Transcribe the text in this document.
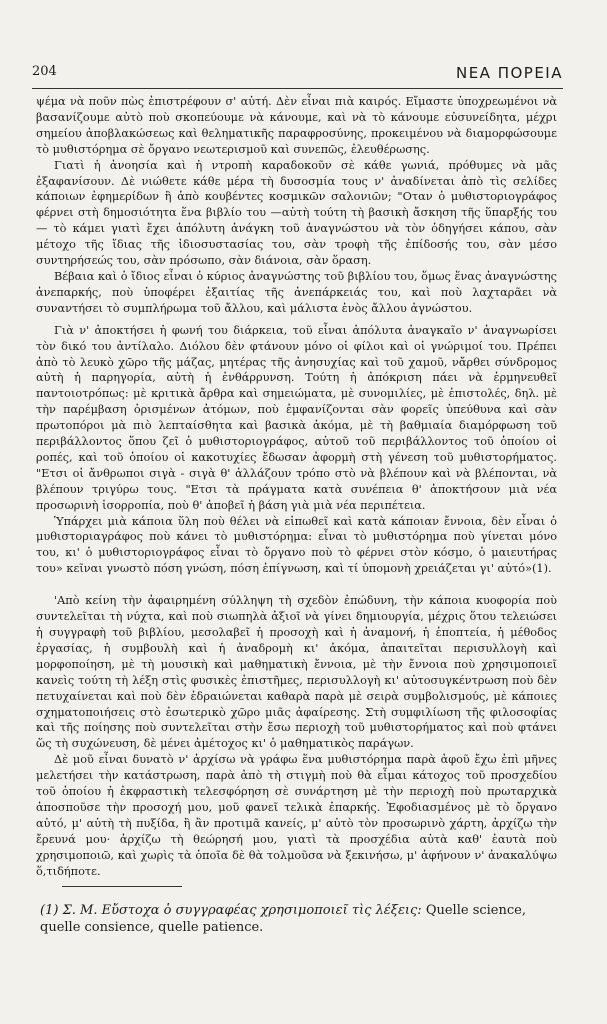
204	ΝΕΑ ΠΟΡΕΙΑ

ψέμα νὰ ποῦν πὼς ἐπιστρέφουν σ' αὐτή. Δὲν εἶναι πιὰ καιρός. Εἴμαστε ὑποχρεωμένοι νὰ βασανίζουμε αὐτὸ ποὺ σκοπεύουμε νὰ κάνουμε, καὶ νὰ τὸ κάνουμε εὐσυνείδητα, μέχρι σημείου ἀποβλακώσεως καὶ θεληματικῆς παραφροσύνης, προκειμένου νὰ διαμορφώσουμε τὸ μυθιστόρημα σὲ ὄργανο νεωτερισμοῦ καὶ συνεπῶς, ἐλευθέρωσης.

Γιατὶ ἡ ἀνοησία καὶ ἡ ντροπὴ καραδοκοῦν σὲ κάθε γωνιά, πρόθυμες νὰ μᾶς ἐξαφανίσουν. Δὲ νιώθετε κάθε μέρα τὴ δυσοσμία τους ν' ἀναδίνεται ἀπὸ τὶς σελίδες κάποιων ἐφημερίδων ἢ ἀπὸ κουβέντες κοσμικῶν σαλονιῶν; "Οταν ὁ μυθιστοριογράφος φέρνει στὴ δημοσιότητα ἕνα βιβλίο του —αὐτὴ τούτη τὴ βασικὴ ἄσκηση τῆς ὕπαρξής του— τὸ κάμει γιατὶ ἔχει ἀπόλυτη ἀνάγκη τοῦ ἀναγνώστου νὰ τὸν ὁδηγήσει κάπου, σὰν μέτοχο τῆς ἴδιας τῆς ἰδιοσυστασίας του, σὰν τροφὴ τῆς ἐπίδοσής του, σὰν μέσο συντηρήσεώς του, σὰν πρόσωπο, σὰν διάνοια, σὰν ὅραση.

Βέβαια καὶ ὁ ἴδιος εἶναι ὁ κύριος ἀναγνώστης τοῦ βιβλίου του, ὅμως ἕνας ἀναγνώστης ἀνεπαρκής, ποὺ ὑποφέρει ἐξαιτίας τῆς ἀνεπάρκειάς του, καὶ ποὺ λαχταρᾶει νὰ συναντήσει τὸ συμπλήρωμα τοῦ ἄλλου, καὶ μάλιστα ἑνὸς ἄλλου ἀγνώστου.

Γιὰ ν' ἀποκτήσει ἡ φωνή του διάρκεια, τοῦ εἶναι ἀπόλυτα ἀναγκαῖο ν' ἀναγνωρίσει τὸν δικό του ἀντίλαλο. Διόλου δὲν φτάνουν μόνο οἱ φίλοι καὶ οἱ γνώριμοί του. Πρέπει ἀπὸ τὸ λευκὸ χῶρο τῆς μάζας, μητέρας τῆς ἀνησυχίας καὶ τοῦ χαμοῦ, νἄρθει σύνδρομος αὐτὴ ἡ παρηγορία, αὐτὴ ἡ ἐνθάρρυνση. Τούτη ἡ ἀπόκριση πάει νὰ ἑρμηνευθεῖ παντοιοτρόπως: μὲ κριτικὰ ἄρθρα καὶ σημειώματα, μὲ συνομιλίες, μὲ ἐπιστολές, δηλ. μὲ τὴν παρέμβαση ὁρισμένων ἀτόμων, ποὺ ἐμφανίζονται σὰν φορεῖς ὑπεύθυνα καὶ σὰν πρωτοπόροι μὰ πιὸ λεπταίσθητα καὶ βασικὰ ἀκόμα, μὲ τὴ βαθμιαία διαμόρφωση τοῦ περιβάλλοντος ὅπου ζεῖ ὁ μυθιστοριογράφος, αὐτοῦ τοῦ περιβάλλοντος τοῦ ὁποίου οἱ ροπές, καὶ τοῦ ὁποίου οἱ κακοτυχίες ἔδωσαν ἀφορμὴ στὴ γένεση τοῦ μυθιστορήματος. "Ετσι οἱ ἄνθρωποι σιγὰ - σιγὰ θ' ἀλλάζουν τρόπο στὸ νὰ βλέπουν καὶ νὰ βλέπονται, νὰ βλέπουν τριγύρω τους. "Ετσι τὰ πράγματα κατὰ συνέπεια θ' ἀποκτήσουν μιὰ νέα προσωρινὴ ἰσορροπία, ποὺ θ' ἀποβεῖ ἡ βάση γιὰ μιὰ νέα περιπέτεια.

Ὑπάρχει μιὰ κάποια ὕλη ποὺ θέλει νὰ εἰπωθεῖ καὶ κατὰ κάποιαν ἔννοια, δὲν εἶναι ὁ μυθιστοριαγράφος ποὺ κάνει τὸ μυθιστόρημα: εἶναι τὸ μυθιστόρημα ποὺ γίνεται μόνο του, κι' ὁ μυθιστοριογράφος εἶναι τὸ ὄργανο ποὺ τὸ φέρνει στὸν κόσμο, ὁ μαιευτήρας του» κεῖναι γνωστὸ πόση γνώση, πόση ἐπίγνωση, καὶ τί ὑπομονὴ χρειάζεται γι' αὐτό»(1).

'Απὸ κείνη τὴν ἀφαιρημένη σύλληψη τὴ σχεδὸν ἐπώδυνη, τὴν κάποια κυοφορία ποὺ συντελεῖται τὴ νύχτα, καὶ ποὺ σιωπηλὰ ἀξιοῖ νὰ γίνει δημιουργία, μέχρις ὅτου τελειώσει ἡ συγγραφὴ τοῦ βιβλίου, μεσολαβεῖ ἡ προσοχὴ καὶ ἡ ἀναμονή, ἡ ἐποπτεία, ἡ μέθοδος ἐργασίας, ἡ συμβουλὴ καὶ ἡ ἀναδρομὴ κι' ἀκόμα, ἀπαιτεῖται περισυλλογὴ καὶ μορφοποίηση, μὲ τὴ μουσικὴ καὶ μαθηματικὴ ἔννοια, μὲ τὴν ἔννοια ποὺ χρησιμοποιεῖ κανεὶς τούτη τὴ λέξη στὶς φυσικὲς ἐπιστῆμες, περισυλλογὴ κι' αὐτοσυγκέντρωση ποὺ δὲν πετυχαίνεται καὶ ποὺ δὲν ἑδραιώνεται καθαρὰ παρὰ μὲ σειρὰ συμβολισμούς, μὲ κάποιες σχηματοποιήσεις στὸ ἐσωτερικὸ χῶρο μιᾶς ἀφαίρεσης. Στὴ συμφιλίωση τῆς φιλοσοφίας καὶ τῆς ποίησης ποὺ συντελεῖται στὴν ἔσω περιοχὴ τοῦ μυθιστορήματος καὶ ποὺ φτάνει ὥς τὴ συχώνευση, δὲ μένει ἀμέτοχος κι' ὁ μαθηματικὸς παράγων.

Δὲ μοῦ εἶναι δυνατὸ ν' ἀρχίσω νὰ γράφω ἕνα μυθιστόρημα παρὰ ἀφοῦ ἔχω ἐπὶ μῆνες μελετήσει τὴν κατάστρωση, παρὰ ἀπὸ τὴ στιγμὴ ποὺ θὰ εἶμαι κάτοχος τοῦ προσχεδίου τοῦ ὁποίου ἡ ἐκφραστικὴ τελεσφόρηση σὲ συνάρτηση μὲ τὴν περιοχὴ ποὺ πρωταρχικὰ ἀποσποῦσε τὴν προσοχή μου, μοῦ φανεῖ τελικὰ ἐπαρκής. Ἐφοδιασμένος μὲ τὸ ὄργανο αὐτό, μ' αὐτὴ τὴ πυξίδα, ἢ ἂν προτιμᾶ κανείς, μ' αὐτὸ τὸν προσωρινὸ χάρτη, ἀρχίζω τὴν ἔρευνά μου· ἀρχίζω τὴ θεώρησή μου, γιατὶ τὰ προσχέδια αὐτὰ καθ' ἑαυτὰ ποὺ χρησιμοποιῶ, καὶ χωρὶς τὰ ὁποῖα δὲ θὰ τολμοῦσα νὰ ξεκινήσω, μ' ἀφήνουν ν' ἀνακαλύψω ὅ,τιδήποτε.

(1) Σ. Μ. Εὔστοχα ὁ συγγραφέας χρησιμοποιεῖ τὶς λέξεις: Quelle science, quelle consience, quelle patience.
